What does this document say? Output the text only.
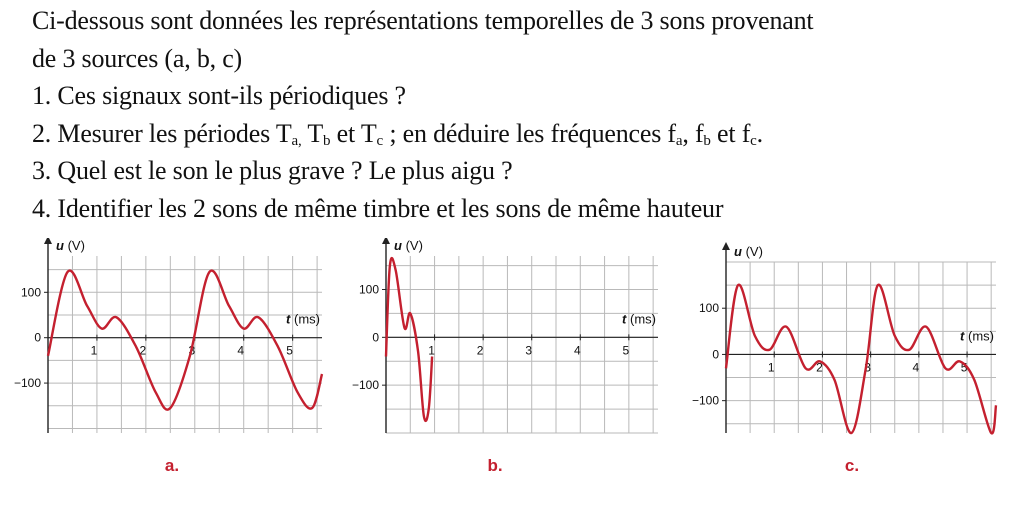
Ci-dessous sont données les représentations temporelles de 3 sons provenant
de 3 sources (a, b, c)
1. Ces signaux sont-ils périodiques ?
2. Mesurer les périodes $T_{a,}$ $T_b$ et $T_c$ ; en déduire les fréquences $f_a$, $f_b$ et $f_c$.
3. Quel est le son le plus grave ? Le plus aigu ?
4. Identifier les 2 sons de même timbre et les sons de même hauteur
100
0
−100
1	2	3	4	5
u (V)
t (ms)
a.
100
0
−100
1	2	3	4	5
u (V)
t (ms)
b.
100
0
−100
1	2	3	4	5
u (V)
t (ms)
c.
